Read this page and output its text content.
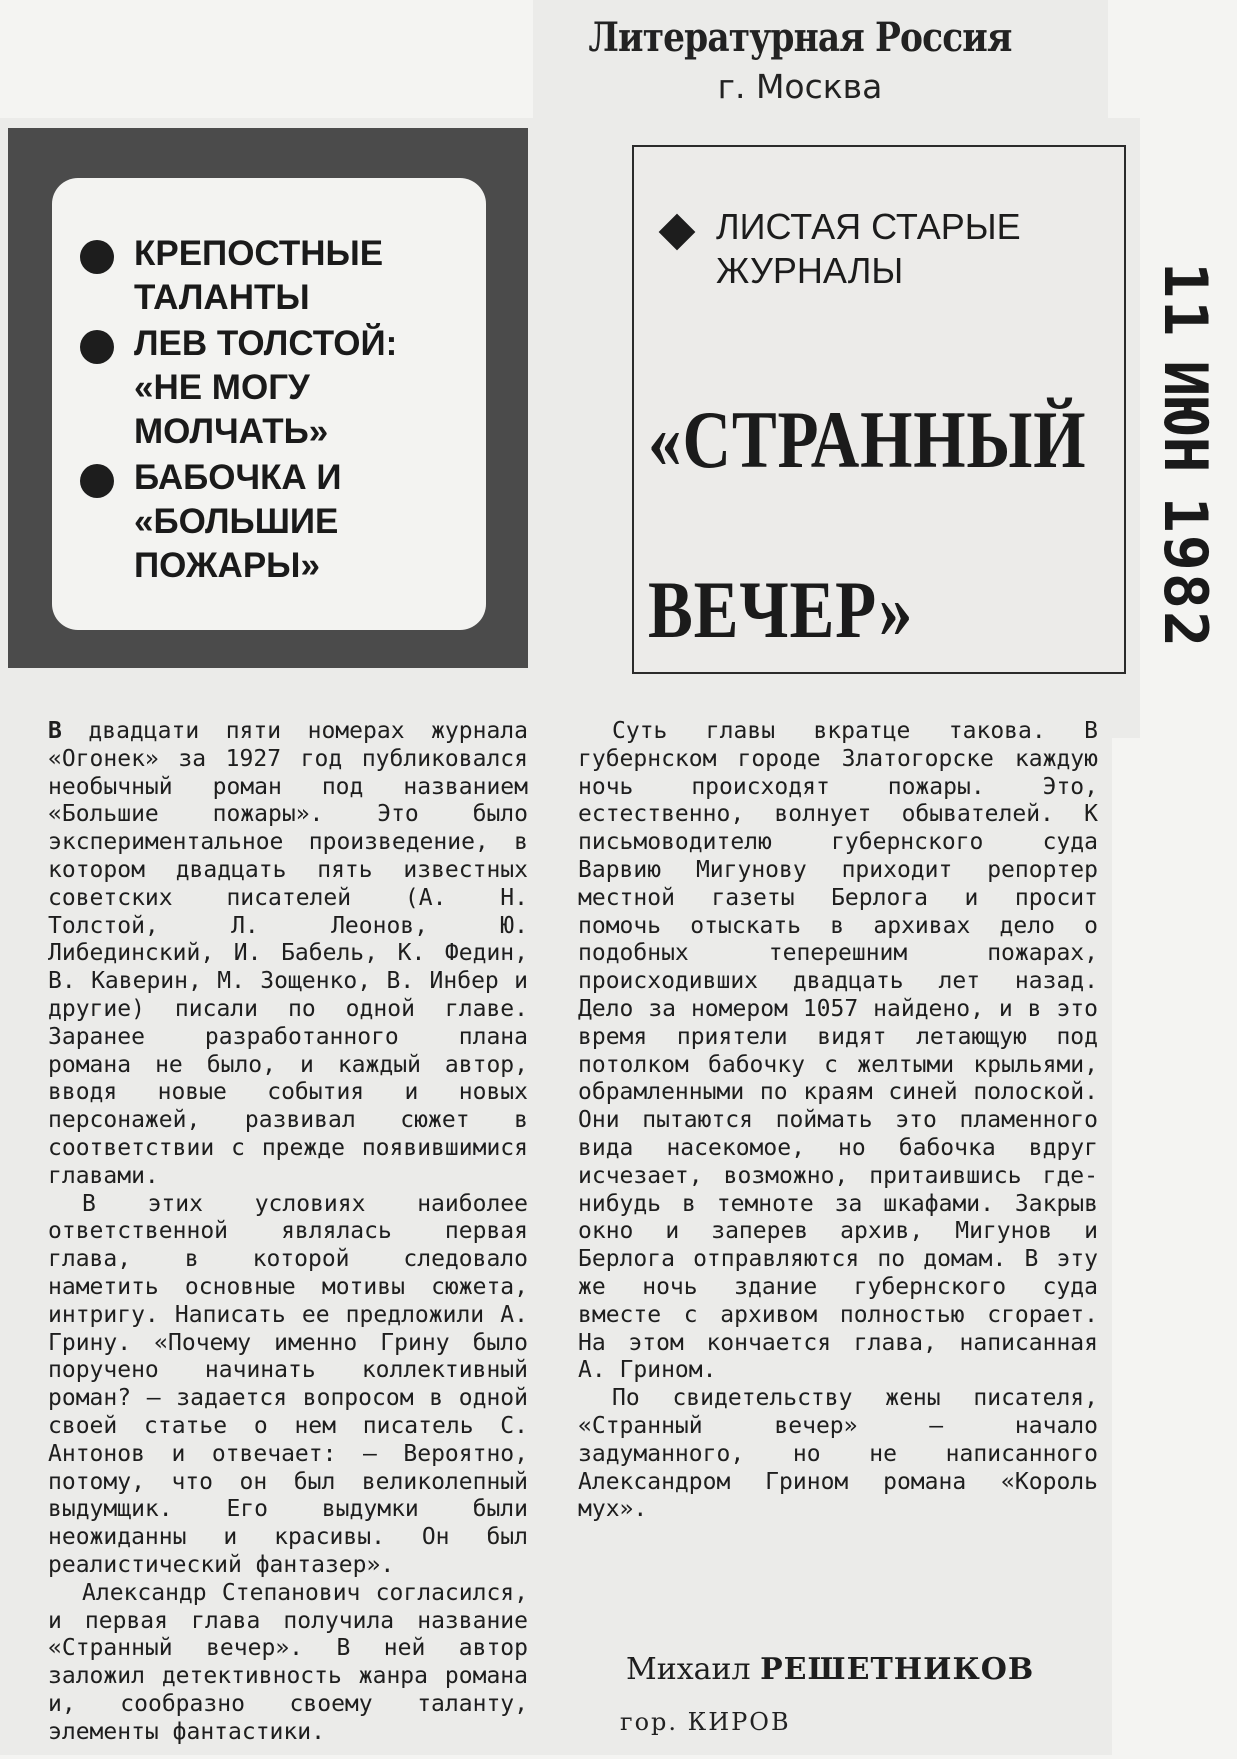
Литературная Россия
г. Москва
КРЕПОСТНЫЕ ТАЛАНТЫ
ЛЕВ ТОЛСТОЙ: «НЕ МОГУ МОЛЧАТЬ»
БАБОЧКА И «БОЛЬШИЕ ПОЖАРЫ»
ЛИСТАЯ СТАРЫЕ ЖУРНАЛЫ
«СТРАННЫЙ ВЕЧЕР»
11ИЮН1982

В двадцати пяти номерах журнала «Огонек» за 1927 год публиковался необычный роман под названием «Большие пожары». Это было экспериментальное произведение, в котором двадцать пять известных советских писателей (А. Н. Толстой, Л. Леонов, Ю. Либединский, И. Бабель, К. Федин, В. Каверин, М. Зощенко, В. Инбер и другие) писали по одной главе. Заранее разработанного плана романа не было, и каждый автор, вводя новые события и новых персонажей, развивал сюжет в соответствии с прежде появившимися главами.

В этих условиях наиболее ответственной являлась первая глава, в которой следовало наметить основные мотивы сюжета, интригу. Написать ее предложили А. Грину. «Почему именно Грину было поручено начинать коллективный роман? — задается вопросом в одной своей статье о нем писатель С. Антонов и отвечает: — Вероятно, потому, что он был великолепный выдумщик. Его выдумки были неожиданны и красивы. Он был реалистический фантазер».

Александр Степанович согласился, и первая глава получила название «Странный вечер». В ней автор заложил детективность жанра романа и, сообразно своему таланту, элементы фантастики.

Суть главы вкратце такова. В губернском городе Златогорске каждую ночь происходят пожары. Это, естественно, волнует обывателей. К письмоводителю губернского суда Варвию Мигунову приходит репортер местной газеты Берлога и просит помочь отыскать в архивах дело о подобных теперешним пожарах, происходивших двадцать лет назад. Дело за номером 1057 найдено, и в это время приятели видят летающую под потолком бабочку с желтыми крыльями, обрамленными по краям синей полоской. Они пытаются поймать это пламенного вида насекомое, но бабочка вдруг исчезает, возможно, притаившись где-нибудь в темноте за шкафами. Закрыв окно и заперев архив, Мигунов и Берлога отправляются по домам. В эту же ночь здание губернского суда вместе с архивом полностью сгорает. На этом кончается глава, написанная А. Грином.

По свидетельству жены писателя, «Странный вечер» — начало задуманного, но не написанного Александром Грином романа «Король мух».

Михаил РЕШЕТНИКОВ
гор. КИРОВ
